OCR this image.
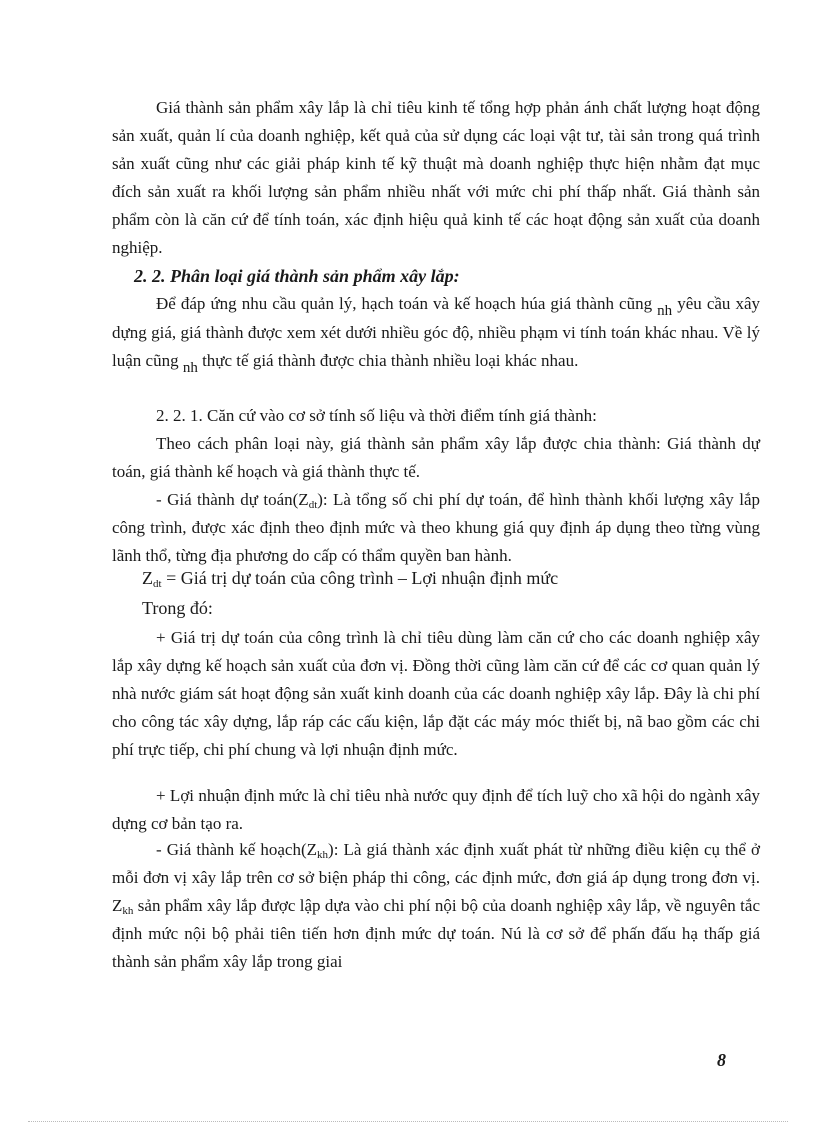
Giá thành sản phẩm xây lắp là chỉ tiêu kinh tế tổng hợp phản ánh chất lượng hoạt động sản xuất, quản lí của doanh nghiệp, kết quả của sử dụng các loại vật tư, tài sản trong quá trình sản xuất cũng như các giải pháp kinh tế kỹ thuật mà doanh nghiệp thực hiện nhằm đạt mục đích sản xuất ra khối lượng sản phẩm nhiều nhất với mức chi phí thấp nhất. Giá thành sản phẩm còn là căn cứ để tính toán, xác định hiệu quả kinh tế các hoạt động sản xuất của doanh nghiệp.
2. 2. Phân loại giá thành sản phẩm xây lắp:
Để đáp ứng nhu cầu quản lý, hạch toán và kế hoạch húa giá thành cũng nh yêu cầu xây dựng giá, giá thành được xem xét dưới nhiều góc độ, nhiều phạm vi tính toán khác nhau. Về lý luận cũng nh thực tế giá thành được chia thành nhiều loại khác nhau.
2. 2. 1. Căn cứ vào cơ sở tính số liệu và thời điểm tính giá thành:
Theo cách phân loại này, giá thành sản phẩm xây lắp được chia thành: Giá thành dự toán, giá thành kế hoạch và giá thành thực tế.
- Giá thành dự $toán(Z_{dt})$: Là tổng số chi phí dự toán, để hình thành khối lượng xây lắp công trình, được xác định theo định mức và theo khung giá quy định áp dụng theo từng vùng lãnh thổ, từng địa phương do cấp có thẩm quyền ban hành.
$Z_{dt}$ = Giá trị dự toán của công trình – Lợi nhuận định mức
Trong đó:
+ Giá trị dự toán của công trình là chỉ tiêu dùng làm căn cứ cho các doanh nghiệp xây lắp xây dựng kế hoạch sản xuất của đơn vị. Đồng thời cũng làm căn cứ để các cơ quan quản lý nhà nước giám sát hoạt động sản xuất kinh doanh của các doanh nghiệp xây lắp. Đây là chi phí cho công tác xây dựng, lắp ráp các cấu kiện, lắp đặt các máy móc thiết bị, nã bao gồm các chi phí trực tiếp, chi phí chung và lợi nhuận định mức.
+ Lợi nhuận định mức là chỉ tiêu nhà nước quy định để tích luỹ cho xã hội do ngành xây dựng cơ bản tạo ra.
- Giá thành kế $hoạch(Z_{kh})$: Là giá thành xác định xuất phát từ những điều kiện cụ thể ở mỗi đơn vị xây lắp trên cơ sở biện pháp thi công, các định mức, đơn giá áp dụng trong đơn vị. $Z_{kh}$ sản phẩm xây lắp được lập dựa vào chi phí nội bộ của doanh nghiệp xây lắp, về nguyên tắc định mức nội bộ phải tiên tiến hơn định mức dự toán. Nú là cơ sở để phấn đấu hạ thấp giá thành sản phẩm xây lắp trong giai
8
